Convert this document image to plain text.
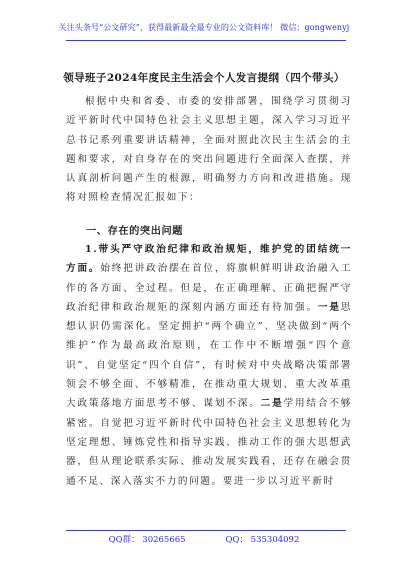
关注头条号“公文研究”，获得最新最全最专业的公文资料库！ 微信：gongwenyj
领导班子2024年度民主生活会个人发言提纲（四个带头）
根据中央和省委、市委的安排部署，围绕学习贯彻习近平新时代中国特色社会主义思想主题，深入学习习近平总书记系列重要讲话精神，全面对照此次民主生活会的主题和要求，对自身存在的突出问题进行全面深入查摆，并认真剖析问题产生的根源，明确努力方向和改进措施。现将对照检查情况汇报如下：
一、存在的突出问题
1.带头严守政治纪律和政治规矩，维护党的团结统一方面。始终把讲政治摆在首位，将旗帜鲜明讲政治融入工作的各方面、全过程。但是，在正确理解、正确把握严守政治纪律和政治规矩的深刻内涵方面还有待加强。一是思想认识仍需深化。坚定拥护“两个确立”、坚决做到“两个维护”作为最高政治原则，在工作中不断增强“四个意识”、自觉坚定“四个自信”，有时候对中央战略决策部署领会不够全面、不够精准，在推动重大规划、重大改革重大政策落地方面思考不够、谋划不深。二是学用结合不够紧密。自觉把习近平新时代中国特色社会主义思想转化为坚定理想、锤炼党性和指导实践、推动工作的强大思想武器，但从理论联系实际、推动发展实践看，还存在融会贯通不足、深入落实不力的问题。要进一步以习近平新时
QQ群： 30265665	QQ： 535304092
